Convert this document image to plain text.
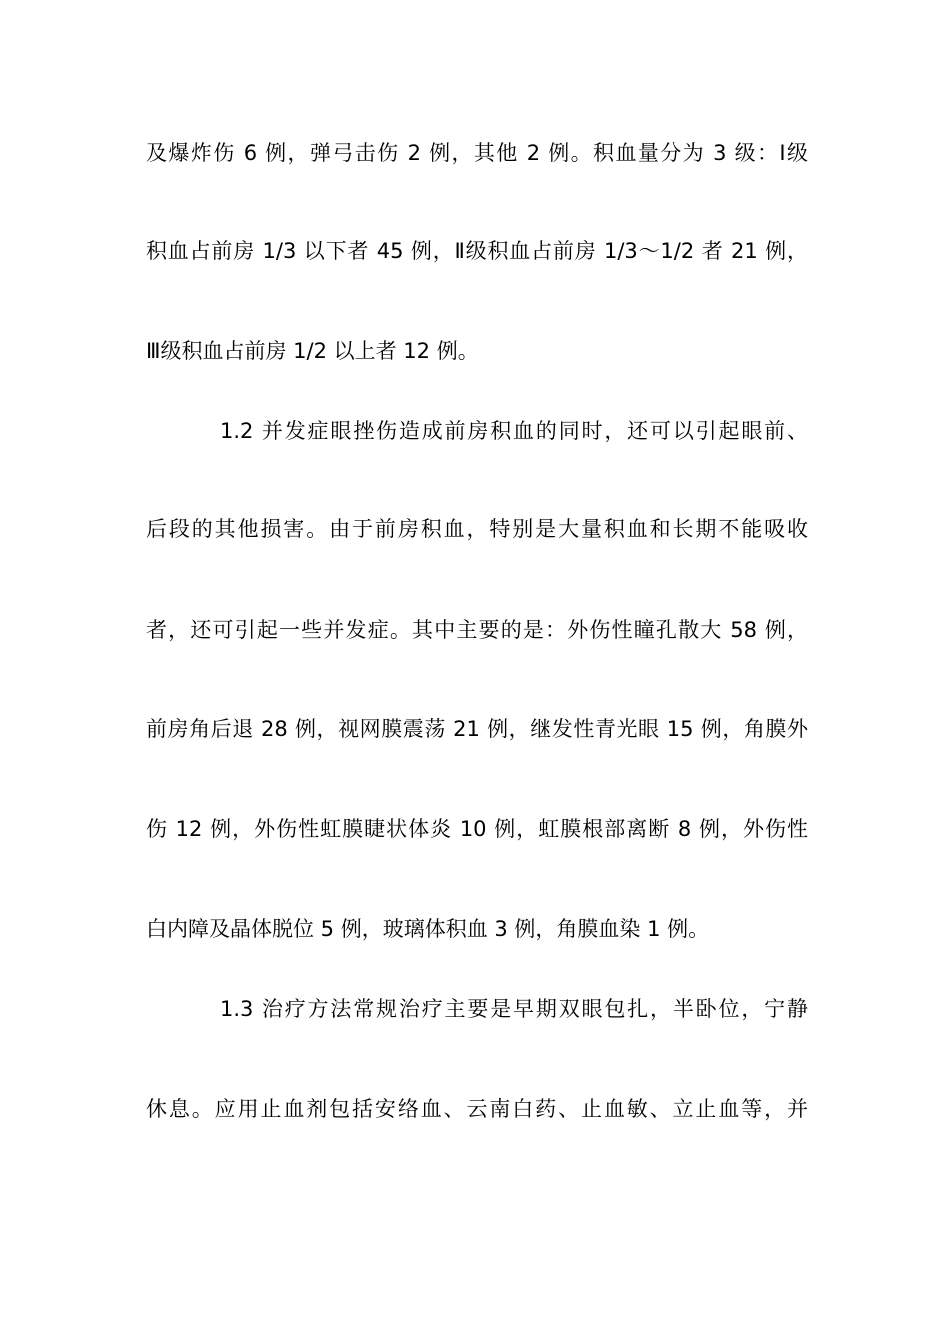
及爆炸伤 6 例，弹弓击伤 2 例，其他 2 例。积血量分为 3 级：Ⅰ级
积血占前房 1/3 以下者 45 例，Ⅱ级积血占前房 1/3～1/2 者 21 例，
Ⅲ级积血占前房 1/2 以上者 12 例。
1.2 并发症眼挫伤造成前房积血的同时，还可以引起眼前、
后段的其他损害。由于前房积血，特别是大量积血和长期不能吸收
者，还可引起一些并发症。其中主要的是：外伤性瞳孔散大 58 例，
前房角后退 28 例，视网膜震荡 21 例，继发性青光眼 15 例，角膜外
伤 12 例，外伤性虹膜睫状体炎 10 例，虹膜根部离断 8 例，外伤性
白内障及晶体脱位 5 例，玻璃体积血 3 例，角膜血染 1 例。
1.3 治疗方法常规治疗主要是早期双眼包扎，半卧位，宁静
休息。应用止血剂包括安络血、云南白药、止血敏、立止血等，并
